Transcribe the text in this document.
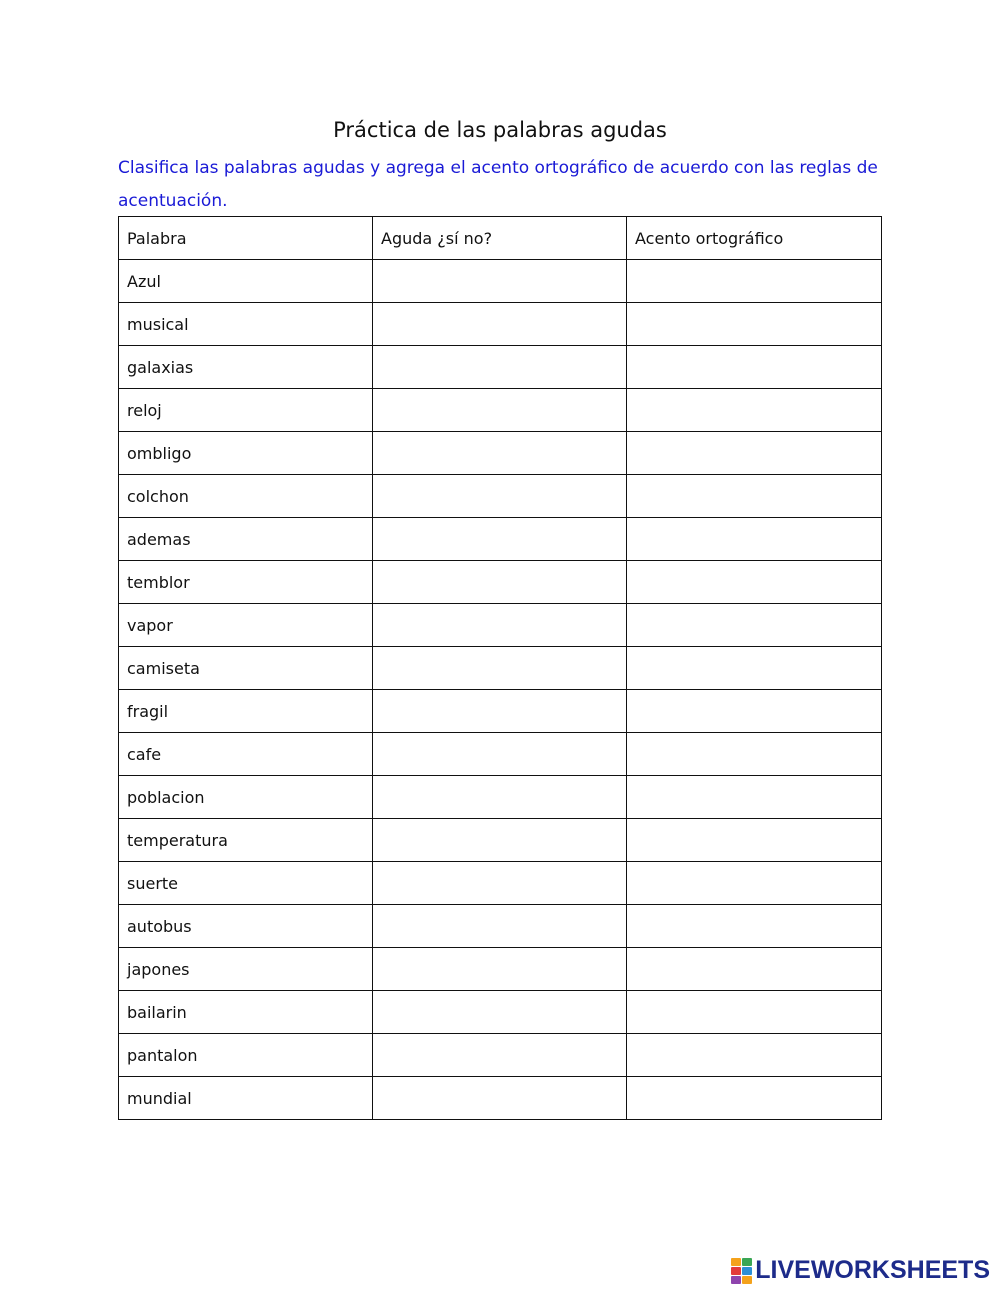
Práctica de las palabras agudas

Clasifica las palabras agudas y agrega el acento ortográfico de acuerdo con las reglas de acentuación.

Palabra	Aguda ¿sí no?	Acento ortográfico
Azul		
musical		
galaxias		
reloj		
ombligo		
colchon		
ademas		
temblor		
vapor		
camiseta		
fragil		
cafe		
poblacion		
temperatura		
suerte		
autobus		
japones		
bailarin		
pantalon		
mundial		
LIVEWORKSHEETS
